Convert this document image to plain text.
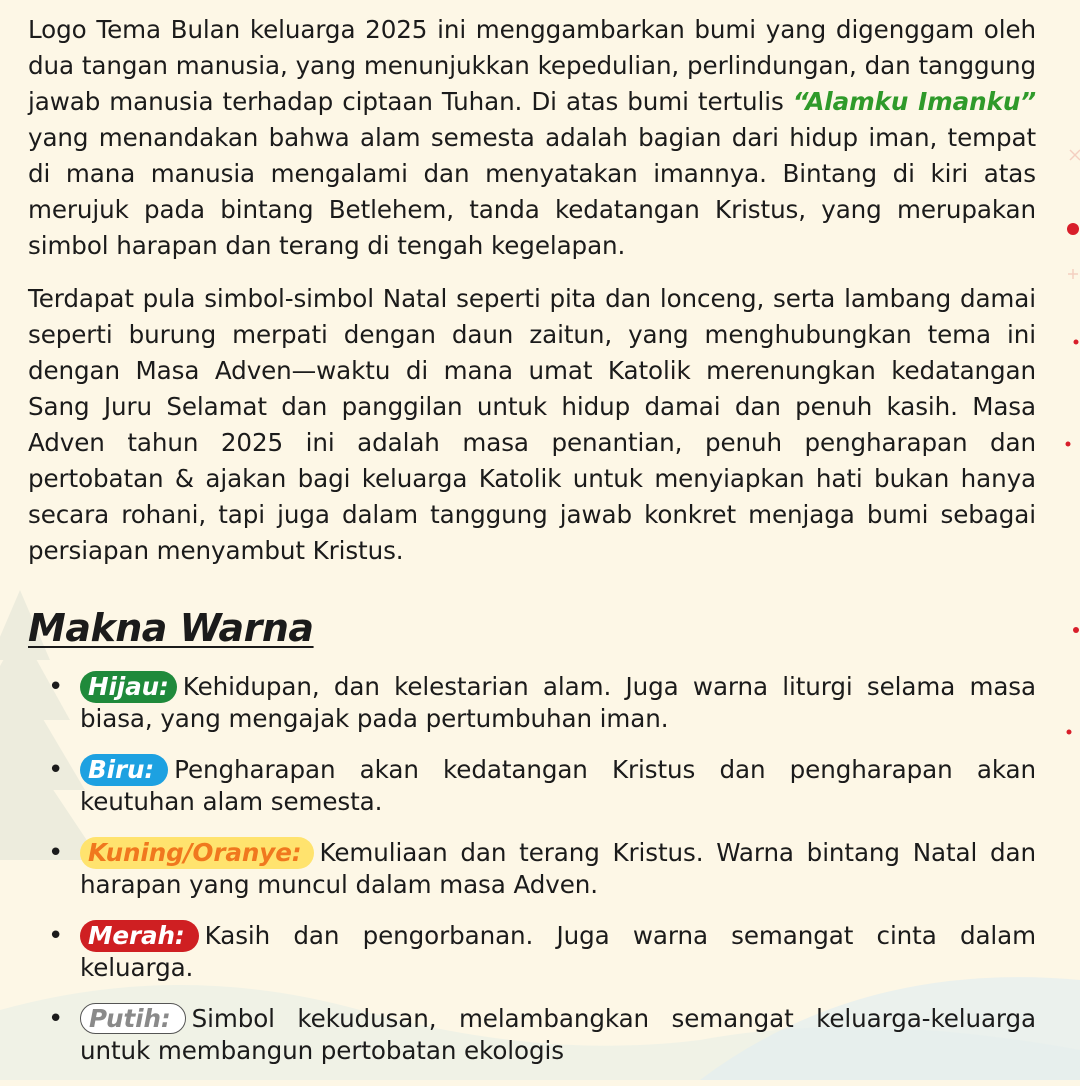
Logo Tema Bulan keluarga 2025 ini menggambarkan bumi yang digenggam oleh dua tangan manusia, yang menunjukkan kepedulian, perlindungan, dan tanggung jawab manusia terhadap ciptaan Tuhan. Di atas bumi tertulis “Alamku Imanku” yang menandakan bahwa alam semesta adalah bagian dari hidup iman, tempat di mana manusia mengalami dan menyatakan imannya. Bintang di kiri atas merujuk pada bintang Betlehem, tanda kedatangan Kristus, yang merupakan simbol harapan dan terang di tengah kegelapan.

Terdapat pula simbol-simbol Natal seperti pita dan lonceng, serta lambang damai seperti burung merpati dengan daun zaitun, yang menghubungkan tema ini dengan Masa Adven—waktu di mana umat Katolik merenungkan kedatangan Sang Juru Selamat dan panggilan untuk hidup damai dan penuh kasih. Masa Adven tahun 2025 ini adalah masa penantian, penuh pengharapan dan pertobatan & ajakan bagi keluarga Katolik untuk menyiapkan hati bukan hanya secara rohani, tapi juga dalam tanggung jawab konkret menjaga bumi sebagai persiapan menyambut Kristus.

Makna Warna
• Hijau: Kehidupan, dan kelestarian alam. Juga warna liturgi selama masa biasa, yang mengajak pada pertumbuhan iman.
• Biru: Pengharapan akan kedatangan Kristus dan pengharapan akan keutuhan alam semesta.
• Kuning/Oranye: Kemuliaan dan terang Kristus. Warna bintang Natal dan harapan yang muncul dalam masa Adven.
• Merah: Kasih dan pengorbanan. Juga warna semangat cinta dalam keluarga.
• Putih: Simbol kekudusan, melambangkan semangat keluarga-keluarga untuk membangun pertobatan ekologis
